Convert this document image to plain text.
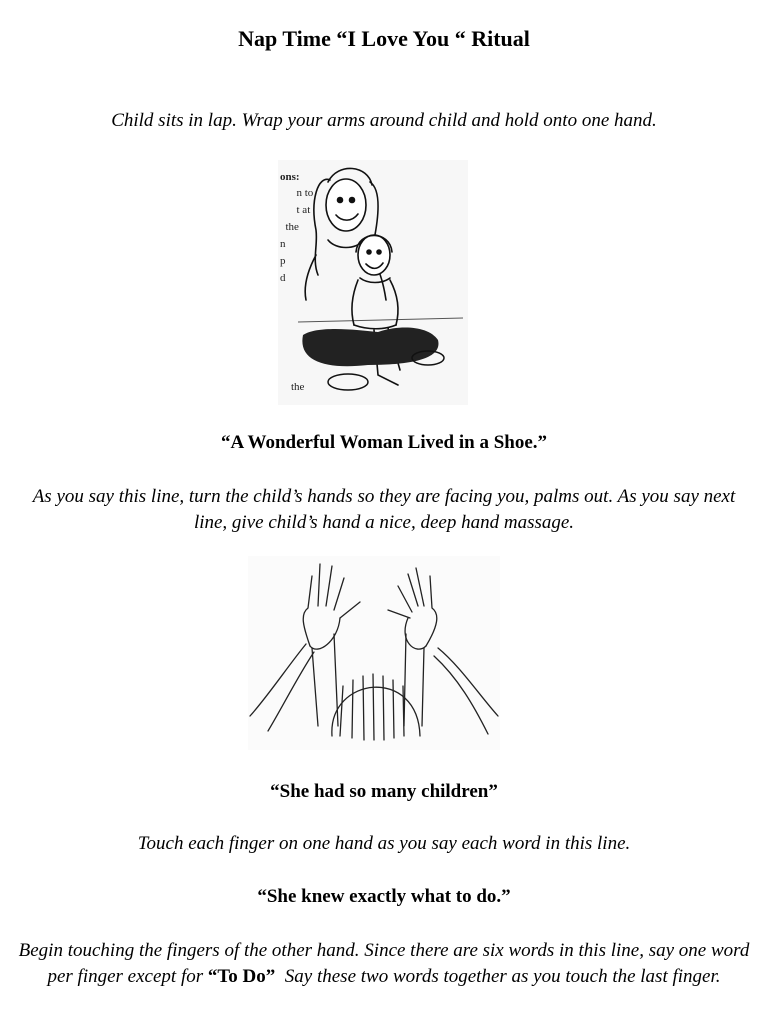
Nap Time “I Love You “ Ritual
Child sits in lap. Wrap your arms around child and hold onto one hand.
ons:
n to
t at
the
n
p
d
the
“A Wonderful Woman Lived in a Shoe.”
As you say this line, turn the child’s hands so they are facing you, palms out. As you say next line, give child’s hand a nice, deep hand massage.
“She had so many children”
Touch each finger on one hand as you say each word in this line.
“She knew exactly what to do.”
Begin touching the fingers of the other hand. Since there are six words in this line, say one word per finger except for “To Do”  Say these two words together as you touch the last finger.
